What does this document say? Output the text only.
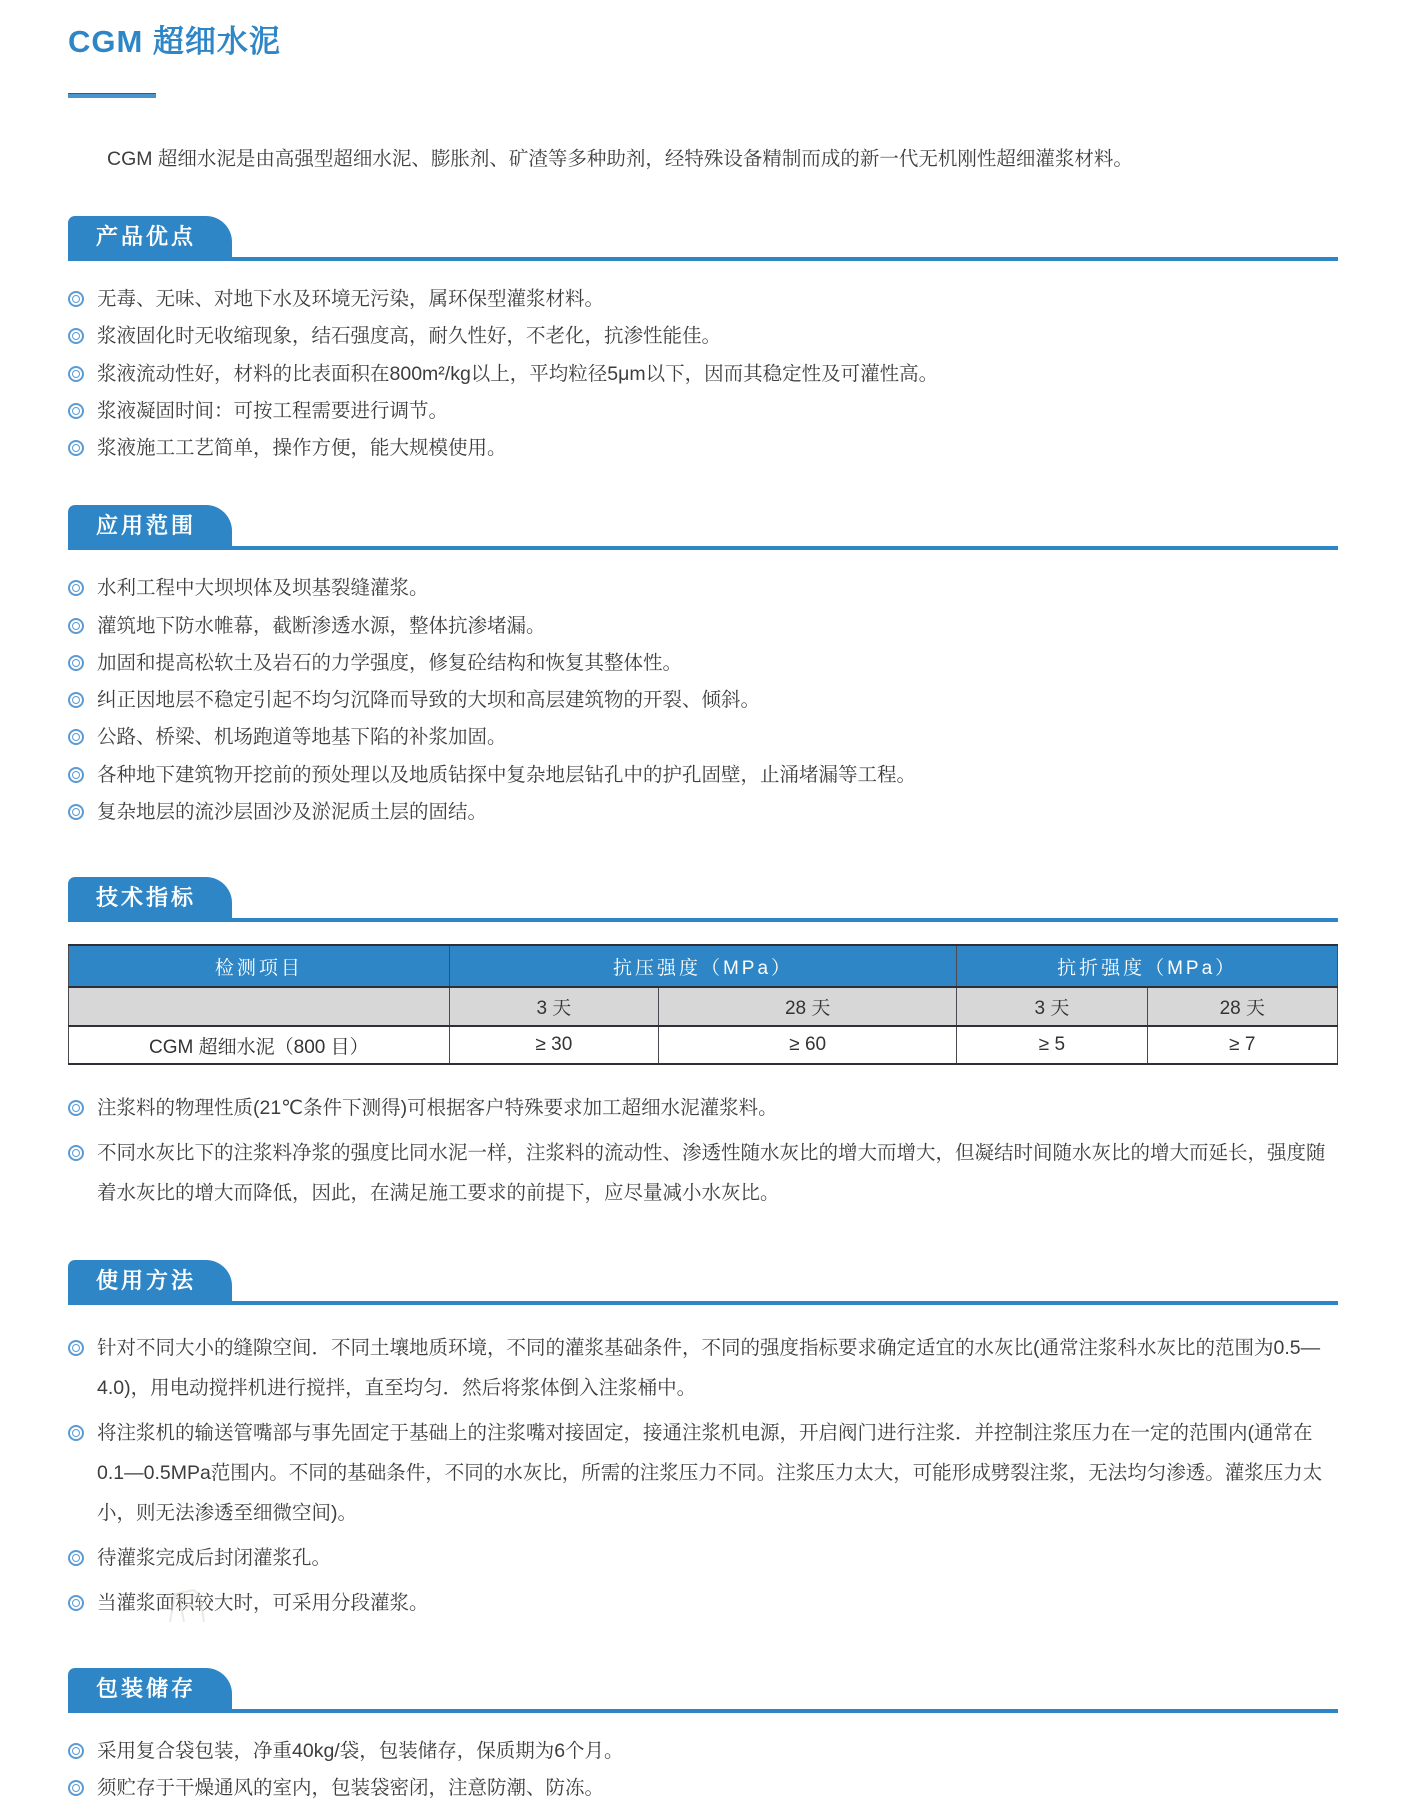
CGM 超细水泥

CGM 超细水泥是由高强型超细水泥、膨胀剂、矿渣等多种助剂，经特殊设备精制而成的新一代无机刚性超细灌浆材料。

产品优点
无毒、无味、对地下水及环境无污染，属环保型灌浆材料。
浆液固化时无收缩现象，结石强度高，耐久性好，不老化，抗渗性能佳。
浆液流动性好，材料的比表面积在800m²/kg以上，平均粒径5μm以下，因而其稳定性及可灌性高。
浆液凝固时间：可按工程需要进行调节。
浆液施工工艺简单，操作方便，能大规模使用。
应用范围
水利工程中大坝坝体及坝基裂缝灌浆。
灌筑地下防水帷幕，截断渗透水源，整体抗渗堵漏。
加固和提高松软土及岩石的力学强度，修复砼结构和恢复其整体性。
纠正因地层不稳定引起不均匀沉降而导致的大坝和高层建筑物的开裂、倾斜。
公路、桥梁、机场跑道等地基下陷的补浆加固。
各种地下建筑物开挖前的预处理以及地质钻探中复杂地层钻孔中的护孔固壁，止涌堵漏等工程。
复杂地层的流沙层固沙及淤泥质土层的固结。
技术指标
检测项目	抗压强度（MPa）		抗折强度（MPa）	
	3 天	28 天	3 天	28 天
CGM 超细水泥（800 目）	≥ 30	≥ 60	≥ 5	≥ 7
注浆料的物理性质(21℃条件下测得)可根据客户特殊要求加工超细水泥灌浆料。
不同水灰比下的注浆料净浆的强度比同水泥一样，注浆料的流动性、渗透性随水灰比的增大而增大，但凝结时间随水灰比的增大而延长，强度随着水灰比的增大而降低，因此，在满足施工要求的前提下，应尽量减小水灰比。
使用方法
针对不同大小的缝隙空间．不同土壤地质环境，不同的灌浆基础条件，不同的强度指标要求确定适宜的水灰比(通常注浆科水灰比的范围为0.5—4.0)，用电动搅拌机进行搅拌，直至均匀．然后将浆体倒入注浆桶中。
将注浆机的输送管嘴部与事先固定于基础上的注浆嘴对接固定，接通注浆机电源，开启阀门进行注浆．并控制注浆压力在一定的范围内(通常在0.1—0.5MPa范围内。不同的基础条件，不同的水灰比，所需的注浆压力不同。注浆压力太大，可能形成劈裂注浆，无法均匀渗透。灌浆压力太小，则无法渗透至细微空间)。
待灌浆完成后封闭灌浆孔。
当灌浆面积较大时，可采用分段灌浆。
包装储存
采用复合袋包装，净重40kg/袋，包装储存，保质期为6个月。
须贮存于干燥通风的室内，包装袋密闭，注意防潮、防冻。
